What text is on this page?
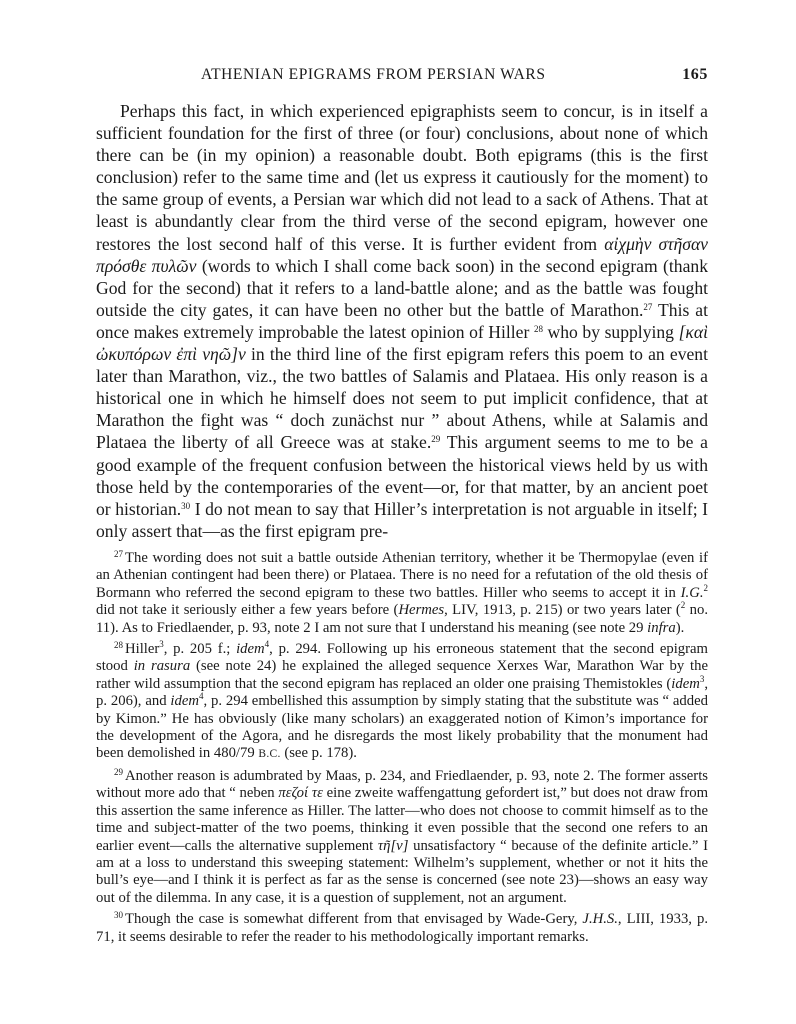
ATHENIAN EPIGRAMS FROM PERSIAN WARS	165

Perhaps this fact, in which experienced epigraphists seem to concur, is in itself a sufficient foundation for the first of three (or four) conclusions, about none of which there can be (in my opinion) a reasonable doubt. Both epigrams (this is the first conclusion) refer to the same time and (let us express it cautiously for the moment) to the same group of events, a Persian war which did not lead to a sack of Athens. That at least is abundantly clear from the third verse of the second epigram, however one restores the lost second half of this verse. It is further evident from αἰχμὴν στῆσαν πρόσθε πυλῶν (words to which I shall come back soon) in the second epigram (thank God for the second) that it refers to a land-battle alone; and as the battle was fought outside the city gates, it can have been no other but the battle of Marathon.$^{27}$ This at once makes extremely improbable the latest opinion of Hiller $^{28}$ who by supplying [καὶ ὠκυπόρων ἐπὶ νηῶ]ν in the third line of the first epigram refers this poem to an event later than Marathon, viz., the two battles of Salamis and Plataea. His only reason is a historical one in which he himself does not seem to put implicit confidence, that at Marathon the fight was “ doch zunächst nur ” about Athens, while at Salamis and Plataea the liberty of all Greece was at stake.$^{29}$ This argument seems to me to be a good example of the frequent confusion between the historical views held by us with those held by the contemporaries of the event—or, for that matter, by an ancient poet or historian.$^{30}$ I do not mean to say that Hiller’s interpretation is not arguable in itself; I only assert that—as the first epigram pre-

$^{27}$ The wording does not suit a battle outside Athenian territory, whether it be Thermopylae (even if an Athenian contingent had been there) or Plataea. There is no need for a refutation of the old thesis of Bormann who referred the second epigram to these two battles. Hiller who seems to accept it in I.G.$^2$ did not take it seriously either a few years before (Hermes, LIV, 1913, p. 215) or two years later ($^2$ no. 11). As to Friedlaender, p. 93, note 2 I am not sure that I understand his meaning (see note 29 infra).

$^{28}$ Hiller$^3$, p. 205 f.; idem$^4$, p. 294. Following up his erroneous statement that the second epigram stood in rasura (see note 24) he explained the alleged sequence Xerxes War, Marathon War by the rather wild assumption that the second epigram has replaced an older one praising Themistokles (idem$^3$, p. 206), and idem$^4$, p. 294 embellished this assumption by simply stating that the substitute was “ added by Kimon.” He has obviously (like many scholars) an exaggerated notion of Kimon’s importance for the development of the Agora, and he disregards the most likely probability that the monument had been demolished in 480/79 B.C. (see p. 178).

$^{29}$ Another reason is adumbrated by Maas, p. 234, and Friedlaender, p. 93, note 2. The former asserts without more ado that “ neben πεζοί τε eine zweite waffengattung gefordert ist,” but does not draw from this assertion the same inference as Hiller. The latter—who does not choose to commit himself as to the time and subject-matter of the two poems, thinking it even possible that the second one refers to an earlier event—calls the alternative supplement τῆ[ν] unsatisfactory “ because of the definite article.” I am at a loss to understand this sweeping statement: Wilhelm’s supplement, whether or not it hits the bull’s eye—and I think it is perfect as far as the sense is concerned (see note 23)—shows an easy way out of the dilemma. In any case, it is a question of supplement, not an argument.

$^{30}$ Though the case is somewhat different from that envisaged by Wade-Gery, J.H.S., LIII, 1933, p. 71, it seems desirable to refer the reader to his methodologically important remarks.
